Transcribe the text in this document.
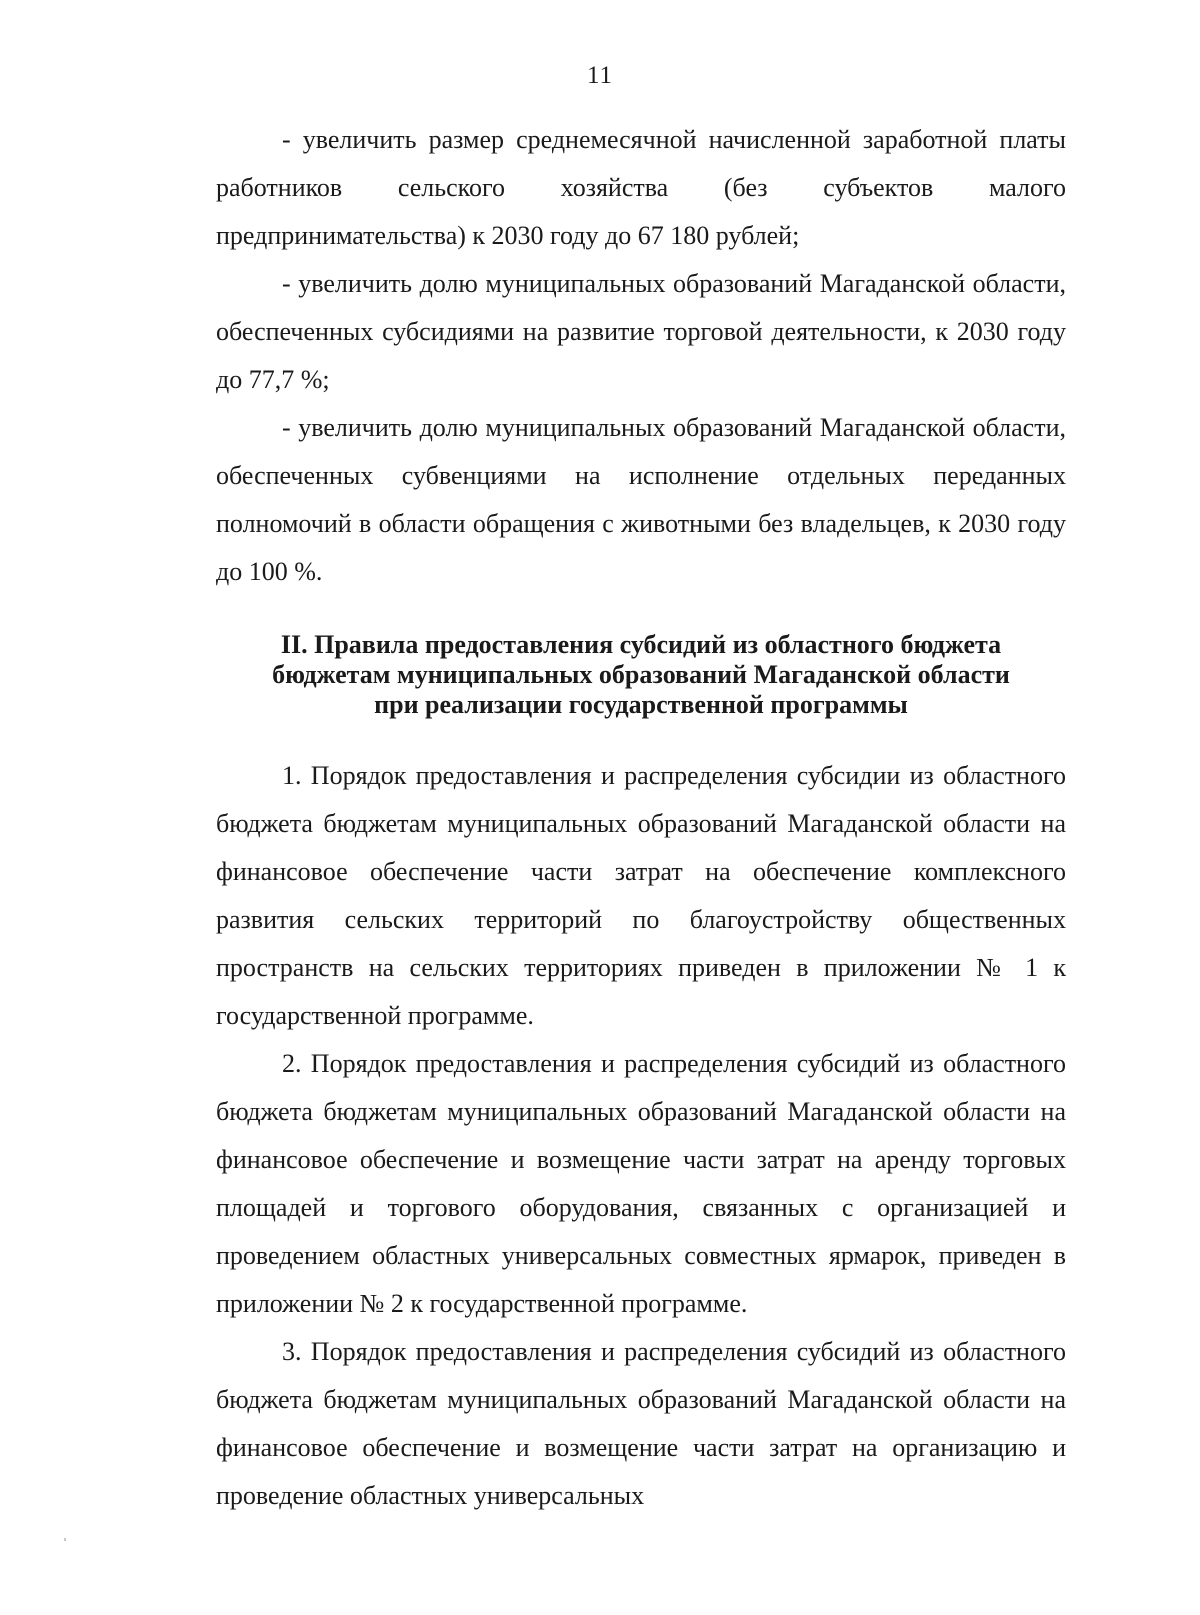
11

- увеличить размер среднемесячной начисленной заработной платы работников сельского хозяйства (без субъектов малого предпринимательства) к 2030 году до 67 180 рублей;

- увеличить долю муниципальных образований Магаданской области, обеспеченных субсидиями на развитие торговой деятельности, к 2030 году до 77,7 %;

- увеличить долю муниципальных образований Магаданской области, обеспеченных субвенциями на исполнение отдельных переданных полномочий в области обращения с животными без владельцев, к 2030 году до 100 %.

II. Правила предоставления субсидий из областного бюджета

бюджетам муниципальных образований Магаданской области

при реализации государственной программы

1. Порядок предоставления и распределения субсидии из областного бюджета бюджетам муниципальных образований Магаданской области на финансовое обеспечение части затрат на обеспечение комплексного развития сельских территорий по благоустройству общественных пространств на сельских территориях приведен в приложении № 1 к государственной программе.

2. Порядок предоставления и распределения субсидий из областного бюджета бюджетам муниципальных образований Магаданской области на финансовое обеспечение и возмещение части затрат на аренду торговых площадей и торгового оборудования, связанных с организацией и проведением областных универсальных совместных ярмарок, приведен в приложении № 2 к государственной программе.

3. Порядок предоставления и распределения субсидий из областного бюджета бюджетам муниципальных образований Магаданской области на финансовое обеспечение и возмещение части затрат на организацию и проведение областных универсальных
